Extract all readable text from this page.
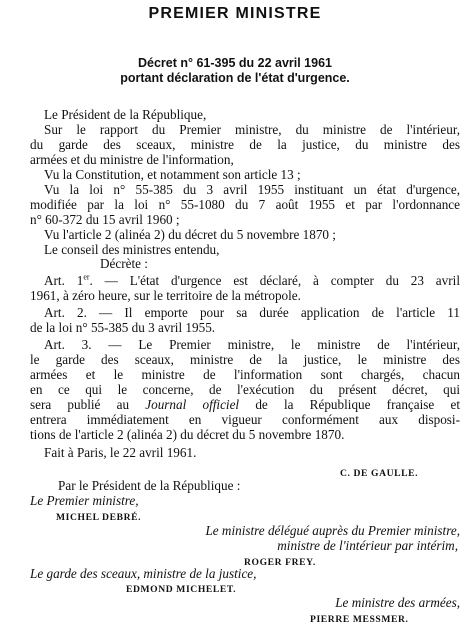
PREMIER MINISTRE
Décret n° 61-395 du 22 avril 1961
portant déclaration de l'état d'urgence.
Le Président de la République,
Sur le rapport du Premier ministre, du ministre de l'intérieur,
du garde des sceaux, ministre de la justice, du ministre des
armées et du ministre de l'information,
Vu la Constitution, et notamment son article 13 ;
Vu la loi n° 55-385 du 3 avril 1955 instituant un état d'urgence,
modifiée par la loi n° 55-1080 du 7 août 1955 et par l'ordonnance
n° 60-372 du 15 avril 1960 ;
Vu l'article 2 (alinéa 2) du décret du 5 novembre 1870 ;
Le conseil des ministres entendu,
Décrète :
Art. 1er. — L'état d'urgence est déclaré, à compter du 23 avril
1961, à zéro heure, sur le territoire de la métropole.
Art. 2. — Il emporte pour sa durée application de l'article 11
de la loi n° 55-385 du 3 avril 1955.
Art. 3. — Le Premier ministre, le ministre de l'intérieur,
le garde des sceaux, ministre de la justice, le ministre des
armées et le ministre de l'information sont chargés, chacun
en ce qui le concerne, de l'exécution du présent décret, qui
sera publié au Journal officiel de la République française et
entrera immédiatement en vigueur conformément aux disposi-
tions de l'article 2 (alinéa 2) du décret du 5 novembre 1870.
Fait à Paris, le 22 avril 1961.
C. DE GAULLE.
Par le Président de la République :
Le Premier ministre,
MICHEL DEBRÉ.
Le ministre délégué auprès du Premier ministre,
ministre de l'intérieur par intérim,
ROGER FREY.
Le garde des sceaux, ministre de la justice,
EDMOND MICHELET.
Le ministre des armées,
PIERRE MESSMER.
